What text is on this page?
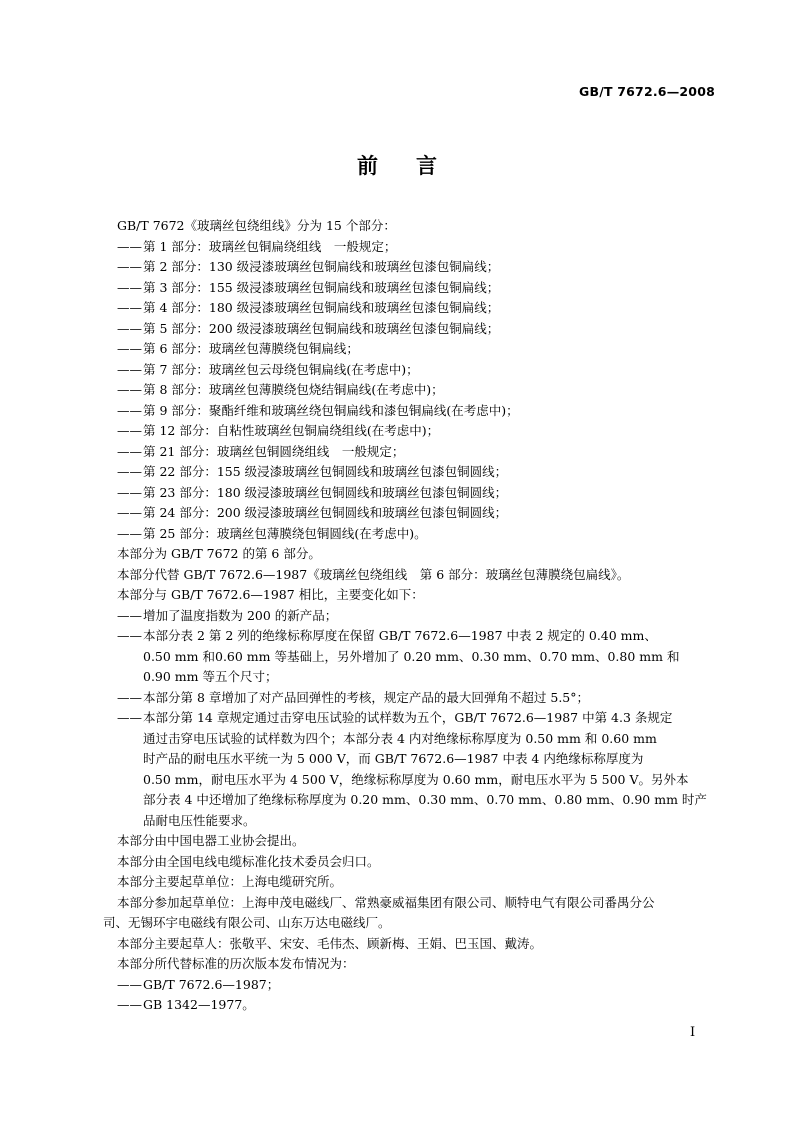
GB/T 7672.6—2008
前言
GB/T 7672《玻璃丝包绕组线》分为 15 个部分：
——第 1 部分：玻璃丝包铜扁绕组线　一般规定；
——第 2 部分：130 级浸漆玻璃丝包铜扁线和玻璃丝包漆包铜扁线；
——第 3 部分：155 级浸漆玻璃丝包铜扁线和玻璃丝包漆包铜扁线；
——第 4 部分：180 级浸漆玻璃丝包铜扁线和玻璃丝包漆包铜扁线；
——第 5 部分：200 级浸漆玻璃丝包铜扁线和玻璃丝包漆包铜扁线；
——第 6 部分：玻璃丝包薄膜绕包铜扁线；
——第 7 部分：玻璃丝包云母绕包铜扁线(在考虑中)；
——第 8 部分：玻璃丝包薄膜绕包烧结铜扁线(在考虑中)；
——第 9 部分：聚酯纤维和玻璃丝绕包铜扁线和漆包铜扁线(在考虑中)；
——第 12 部分：自粘性玻璃丝包铜扁绕组线(在考虑中)；
——第 21 部分：玻璃丝包铜圆绕组线　一般规定；
——第 22 部分：155 级浸漆玻璃丝包铜圆线和玻璃丝包漆包铜圆线；
——第 23 部分：180 级浸漆玻璃丝包铜圆线和玻璃丝包漆包铜圆线；
——第 24 部分：200 级浸漆玻璃丝包铜圆线和玻璃丝包漆包铜圆线；
——第 25 部分：玻璃丝包薄膜绕包铜圆线(在考虑中)。
本部分为 GB/T 7672 的第 6 部分。
本部分代替 GB/T 7672.6—1987《玻璃丝包绕组线　第 6 部分：玻璃丝包薄膜绕包扁线》。
本部分与 GB/T 7672.6—1987 相比，主要变化如下：
——增加了温度指数为 200 的新产品；
——本部分表 2 第 2 列的绝缘标称厚度在保留 GB/T 7672.6—1987 中表 2 规定的 0.40 mm、
0.50 mm 和0.60 mm 等基础上，另外增加了 0.20 mm、0.30 mm、0.70 mm、0.80 mm 和
0.90 mm 等五个尺寸；
——本部分第 8 章增加了对产品回弹性的考核，规定产品的最大回弹角不超过 5.5°；
——本部分第 14 章规定通过击穿电压试验的试样数为五个，GB/T 7672.6—1987 中第 4.3 条规定
通过击穿电压试验的试样数为四个；本部分表 4 内对绝缘标称厚度为 0.50 mm 和 0.60 mm
时产品的耐电压水平统一为 5 000 V，而 GB/T 7672.6—1987 中表 4 内绝缘标称厚度为
0.50 mm，耐电压水平为 4 500 V，绝缘标称厚度为 0.60 mm，耐电压水平为 5 500 V。另外本
部分表 4 中还增加了绝缘标称厚度为 0.20 mm、0.30 mm、0.70 mm、0.80 mm、0.90 mm 时产
品耐电压性能要求。
本部分由中国电器工业协会提出。
本部分由全国电线电缆标准化技术委员会归口。
本部分主要起草单位：上海电缆研究所。
本部分参加起草单位：上海申茂电磁线厂、常熟豪威福集团有限公司、顺特电气有限公司番禺分公
司、无锡环宇电磁线有限公司、山东万达电磁线厂。
本部分主要起草人：张敬平、宋安、毛伟杰、顾新梅、王娟、巴玉国、戴涛。
本部分所代替标准的历次版本发布情况为：
——GB/T 7672.6—1987；
——GB 1342—1977。
I
